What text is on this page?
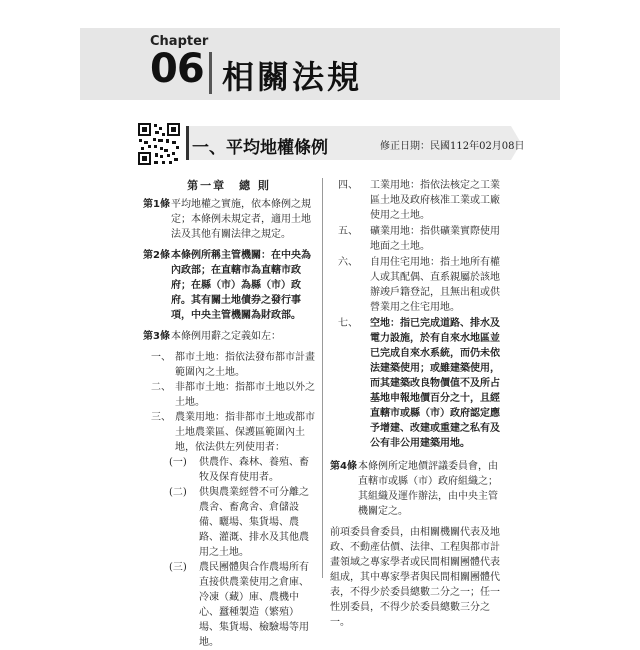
Chapter
06 相關法規
一、平均地權條例	修正日期：民國112年02月08日
第一章　總 則
第1條 平均地權之實施，依本條例之規定；本條例未規定者，適用土地法及其他有關法律之規定。
第2條 本條例所稱主管機關：在中央為內政部；在直轄市為直轄市政府；在縣（市）為縣（市）政府。其有關土地債券之發行事項，中央主管機關為財政部。
第3條 本條例用辭之定義如左：
一、 都市土地：指依法發布都市計畫範圍內之土地。
二、 非都市土地：指都市土地以外之土地。
三、 農業用地：指非都市土地或都市土地農業區、保護區範圍內土地，依法供左列使用者：
(一) 供農作、森林、養殖、畜牧及保育使用者。
(二) 供與農業經營不可分離之農舍、畜禽舍、倉儲設備、曬場、集貨場、農路、灌溉、排水及其他農用之土地。
(三) 農民團體與合作農場所有直接供農業使用之倉庫、冷凍（藏）庫、農機中心、蠶種製造（繁殖）場、集貨場、檢驗場等用地。
四、 工業用地：指依法核定之工業區土地及政府核准工業或工廠使用之土地。
五、 礦業用地：指供礦業實際使用地面之土地。
六、 自用住宅用地：指土地所有權人或其配偶、直系親屬於該地辦竣戶籍登記，且無出租或供營業用之住宅用地。
七、 空地：指已完成道路、排水及電力設施，於有自來水地區並已完成自來水系統，而仍未依法建築使用；或雖建築使用，而其建築改良物價值不及所占基地申報地價百分之十，且經直轄市或縣（市）政府認定應予增建、改建或重建之私有及公有非公用建築用地。
第4條 本條例所定地價評議委員會，由直轄市或縣（市）政府組織之；其組織及運作辦法，由中央主管機關定之。
前項委員會委員，由相關機關代表及地政、不動產估價、法律、工程與都市計畫領域之專家學者或民間相關團體代表組成，其中專家學者與民間相關團體代表，不得少於委員總數二分之一；任一性別委員，不得少於委員總數三分之一。
